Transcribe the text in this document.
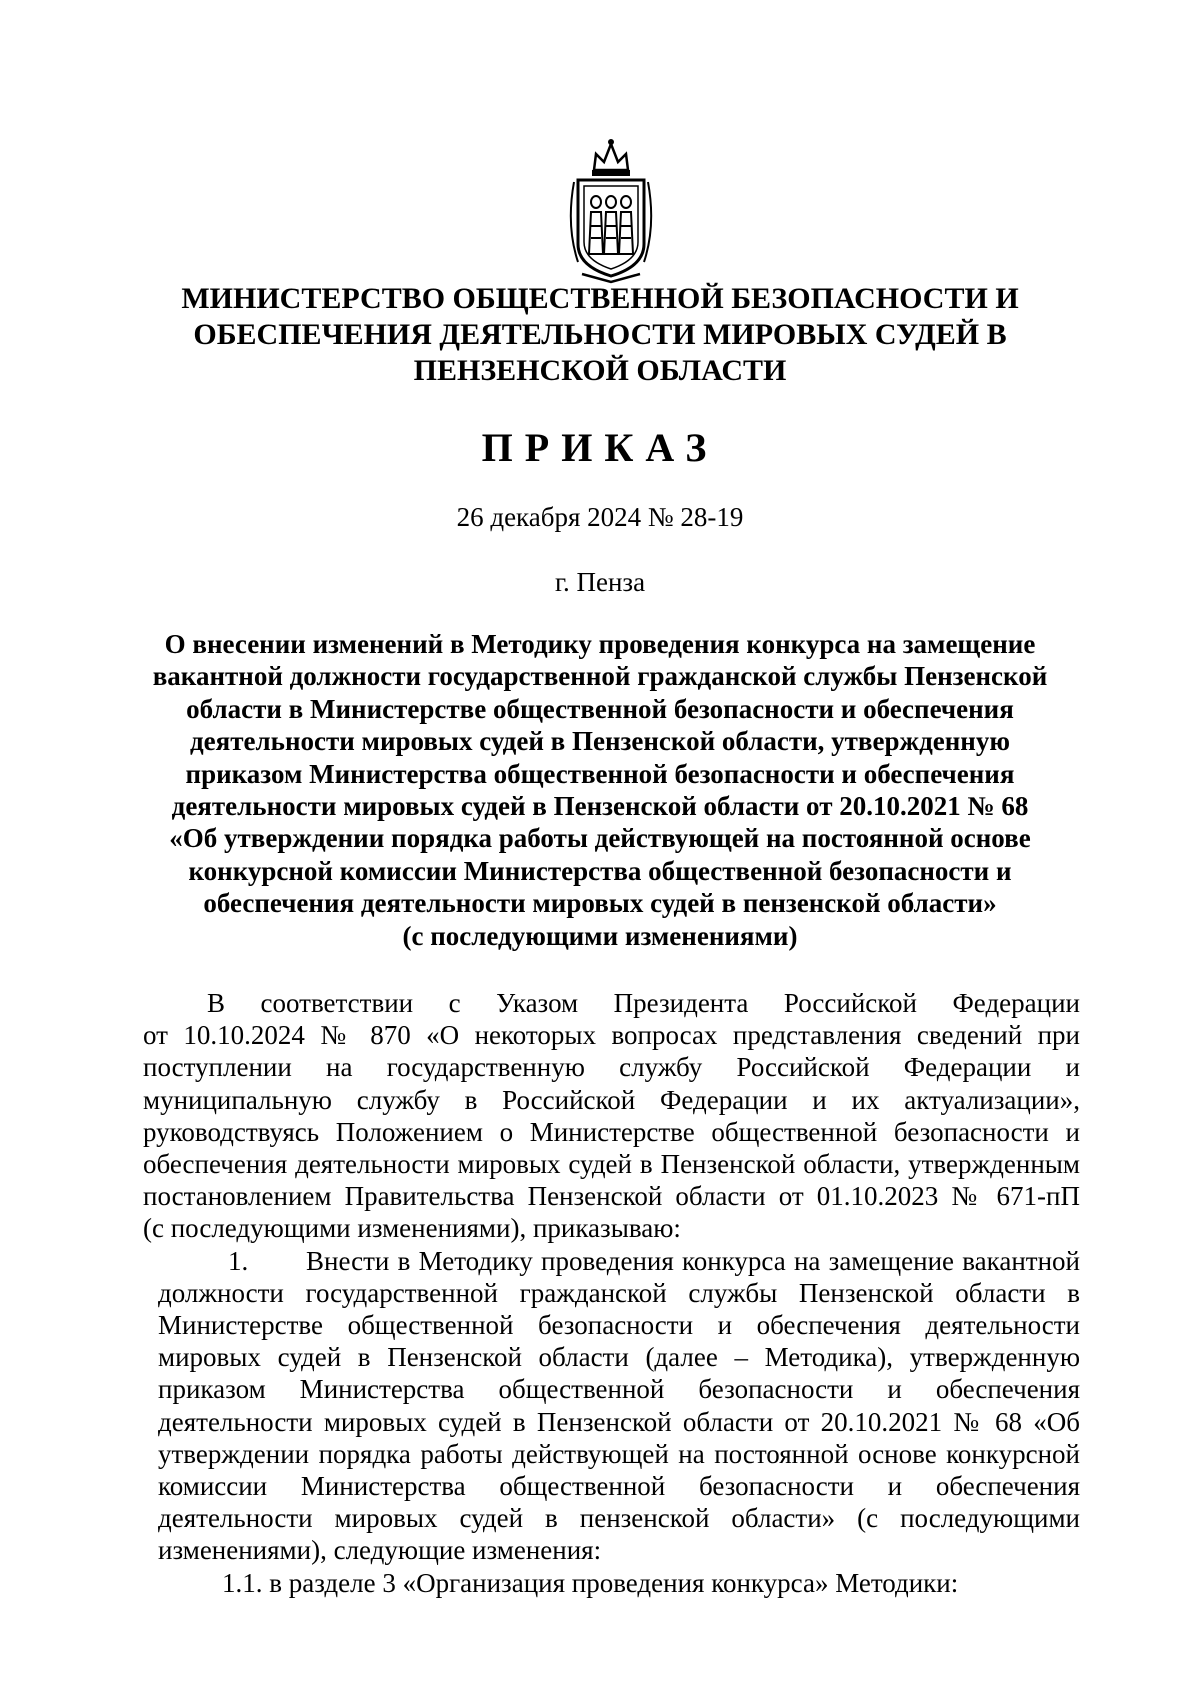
МИНИСТЕРСТВО ОБЩЕСТВЕННОЙ БЕЗОПАСНОСТИ И
ОБЕСПЕЧЕНИЯ ДЕЯТЕЛЬНОСТИ МИРОВЫХ СУДЕЙ В
ПЕНЗЕНСКОЙ ОБЛАСТИ
ПРИКАЗ
26 декабря 2024 № 28-19
г. Пенза
О внесении изменений в Методику проведения конкурса на замещение
вакантной должности государственной гражданской службы Пензенской
области в Министерстве общественной безопасности и обеспечения
деятельности мировых судей в Пензенской области, утвержденную
приказом Министерства общественной безопасности и обеспечения
деятельности мировых судей в Пензенской области от 20.10.2021 № 68
«Об утверждении порядка работы действующей на постоянной основе
конкурсной комиссии Министерства общественной безопасности и
обеспечения деятельности мировых судей в пензенской области»
(с последующими изменениями)
В соответствии с Указом Президента Российской Федерации
от 10.10.2024 № 870 «О некоторых вопросах представления сведений при
поступлении на государственную службу Российской Федерации и
муниципальную службу в Российской Федерации и их актуализации»,
руководствуясь Положением о Министерстве общественной безопасности и
обеспечения деятельности мировых судей в Пензенской области, утвержденным
постановлением Правительства Пензенской области от 01.10.2023 № 671-пП
(с последующими изменениями), приказываю:
1. Внести в Методику проведения конкурса на замещение вакантной
должности государственной гражданской службы Пензенской области в
Министерстве общественной безопасности и обеспечения деятельности
мировых судей в Пензенской области (далее – Методика), утвержденную
приказом Министерства общественной безопасности и обеспечения
деятельности мировых судей в Пензенской области от 20.10.2021 № 68 «Об
утверждении порядка работы действующей на постоянной основе конкурсной
комиссии Министерства общественной безопасности и обеспечения
деятельности мировых судей в пензенской области» (с последующими
изменениями), следующие изменения:
1.1. в разделе 3 «Организация проведения конкурса» Методики:
